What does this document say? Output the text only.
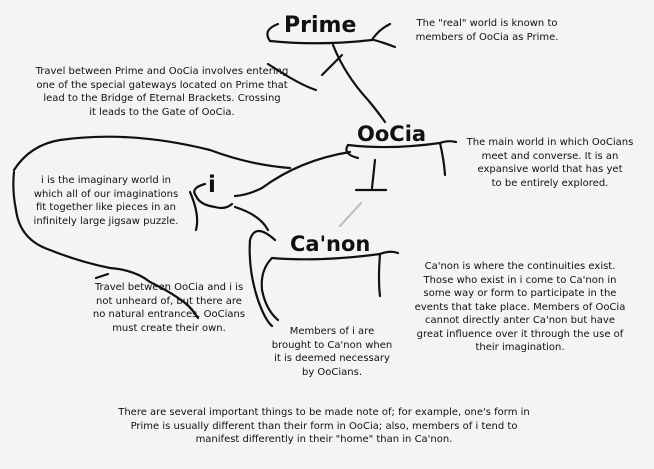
Prime

OoCia

i

Ca'non

The "real" world is known to
members of OoCia as Prime.
Travel between Prime and OoCia involves entering
one of the special gateways located on Prime that
lead to the Bridge of Eternal Brackets. Crossing
it leads to the Gate of OoCia.
The main world in which OoCians
meet and converse. It is an
expansive world that has yet
to be entirely explored.
i is the imaginary world in
which all of our imaginations
fit together like pieces in an
infinitely large jigsaw puzzle.
Ca'non is where the continuities exist.
Those who exist in i come to Ca'non in
some way or form to participate in the
events that take place. Members of OoCia
cannot directly anter Ca'non but have
great influence over it through the use of
their imagination.
Travel between OoCia and i is
not unheard of, but there are
no natural entrances. OoCians
must create their own.	Members of i are
brought to Ca'non when
it is deemed necessary
by OoCians.
There are several important things to be made note of; for example, one's form in
Prime is usually different than their form in OoCia; also, members of i tend to
manifest differently in their "home" than in Ca'non.
